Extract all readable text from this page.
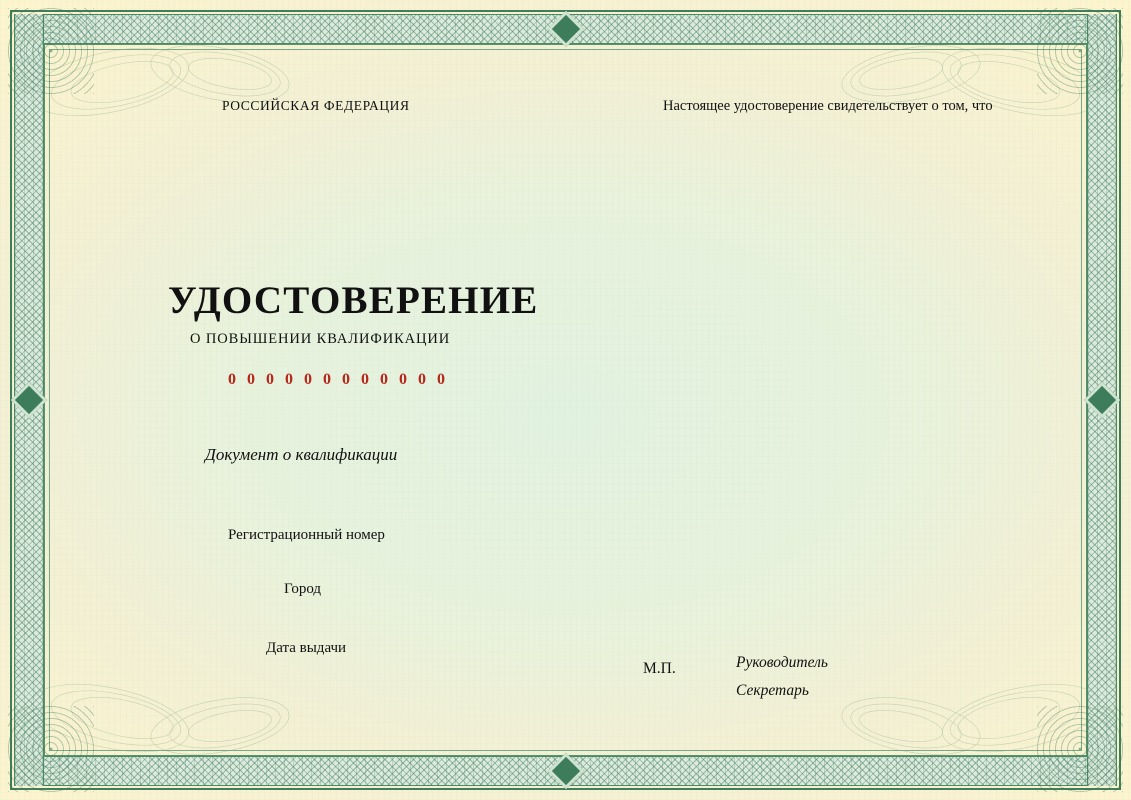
РОССИЙСКАЯ ФЕДЕРАЦИЯ	Настоящее удостоверение свидетельствует о том, что
УДОСТОВЕРЕНИЕ
О ПОВЫШЕНИИ КВАЛИФИКАЦИИ
0 0 0 0 0 0 0 0 0 0 0 0
Документ о квалификации
Регистрационный номер
Город
Дата выдачи
М.П.	Руководитель
Секретарь
